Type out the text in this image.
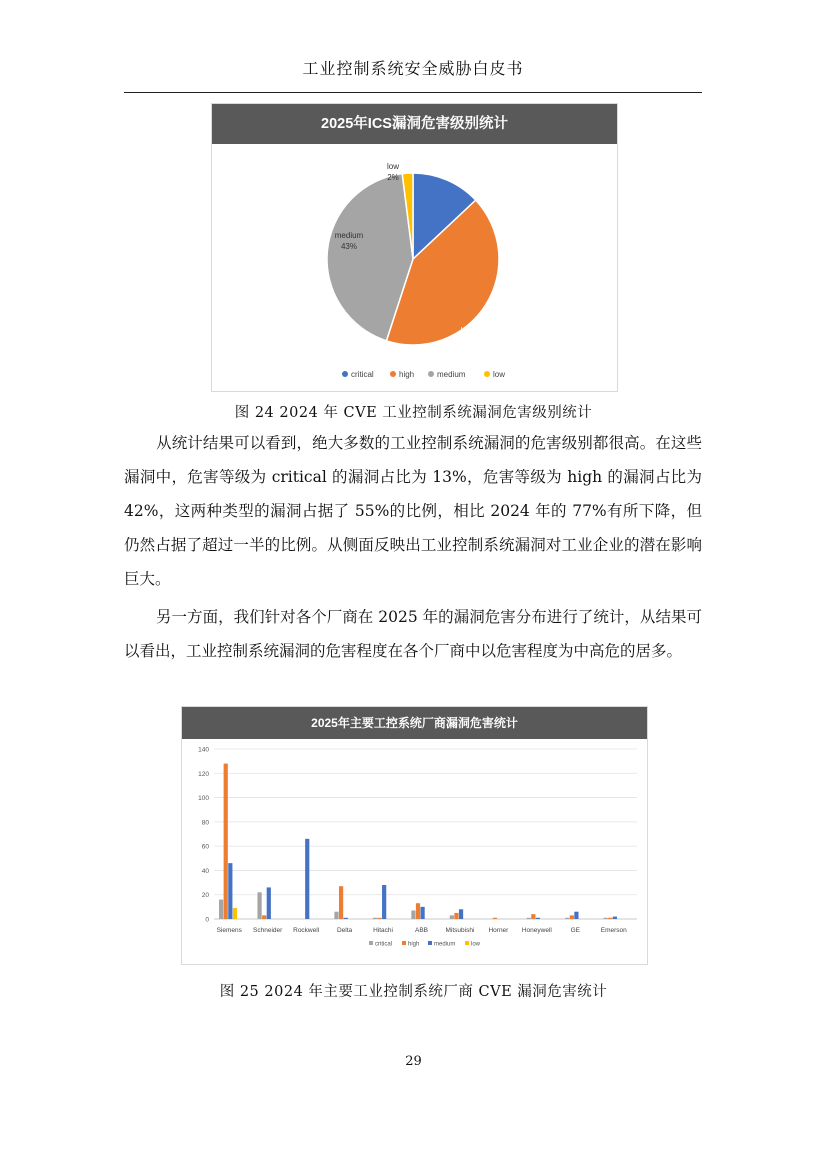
工业控制系统安全威胁白皮书
2025年ICS漏洞危害级别统计
high
42%
medium
43%
low
2%
critical	high	medium	low
图 24 2024 年 CVE 工业控制系统漏洞危害级别统计
从统计结果可以看到，绝大多数的工业控制系统漏洞的危害级别都很高。在这些漏洞中，危害等级为 critical 的漏洞占比为 13%，危害等级为 high 的漏洞占比为 42%，这两种类型的漏洞占据了 55%的比例，相比 2024 年的 77%有所下降，但仍然占据了超过一半的比例。从侧面反映出工业控制系统漏洞对工业企业的潜在影响巨大。
另一方面，我们针对各个厂商在 2025 年的漏洞危害分布进行了统计，从结果可以看出，工业控制系统漏洞的危害程度在各个厂商中以危害程度为中高危的居多。
2025年主要工控系统厂商漏洞危害统计
0
20
40
60
80
100
120
140
Siemens Schneider Rockwell	Delta	Hitachi	ABB	Mitsubishi Horner Honeywell	GE	Emerson
critical	high medium	low
图 25 2024 年主要工业控制系统厂商 CVE 漏洞危害统计
29
